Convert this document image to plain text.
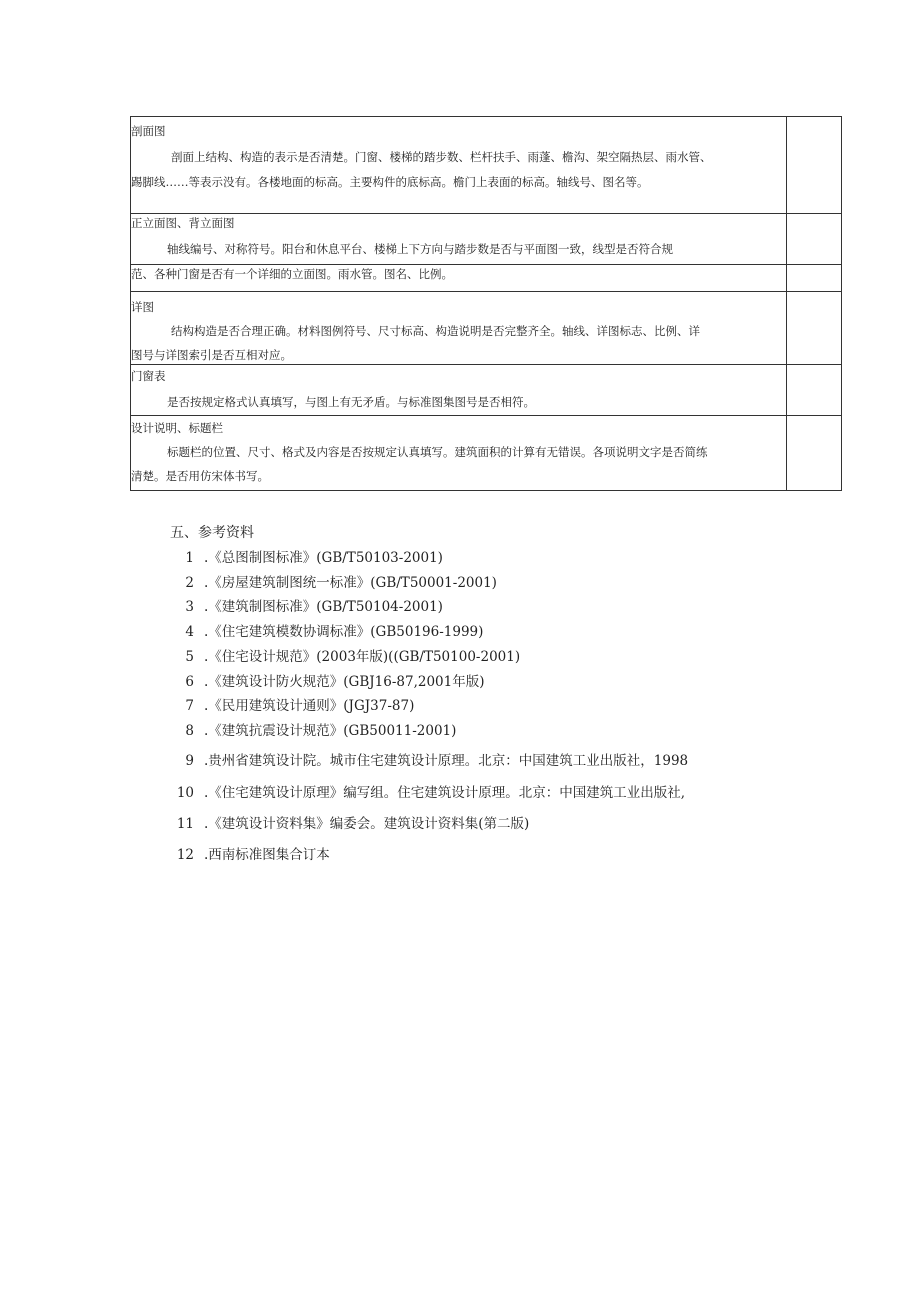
剖面图
剖面上结构、构造的表示是否清楚。门窗、楼梯的踏步数、栏杆扶手、雨蓬、檐沟、架空隔热层、雨水管、
踢脚线……等表示没有。各楼地面的标高。主要构件的底标高。檐门上表面的标高。轴线号、图名等。	

正立面图、背立面图
轴线编号、对称符号。阳台和休息平台、楼梯上下方向与踏步数是否与平面图一致，线型是否符合规	

范、各种门窗是否有一个详细的立面图。雨水管。图名、比例。	

详图
结构构造是否合理正确。材料图例符号、尺寸标高、构造说明是否完整齐全。轴线、详图标志、比例、详
图号与详图索引是否互相对应。	

门窗表
是否按规定格式认真填写，与图上有无矛盾。与标准图集图号是否相符。	

设计说明、标题栏
标题栏的位置、尺寸、格式及内容是否按规定认真填写。建筑面积的计算有无错误。各项说明文字是否简练
清楚。是否用仿宋体书写。	

五、参考资料
1 .《总图制图标准》(GB/T50103-2001)
2 .《房屋建筑制图统一标准》(GB/T50001-2001)
3 .《建筑制图标准》(GB/T50104-2001)
4 .《住宅建筑模数协调标准》(GB50196-1999)
5 .《住宅设计规范》(2003年版)((GB/T50100-2001)
6 .《建筑设计防火规范》(GBJ16-87,2001年版)
7 .《民用建筑设计通则》(JGJ37-87)
8 .《建筑抗震设计规范》(GB50011-2001)
9 .贵州省建筑设计院。城市住宅建筑设计原理。北京：中国建筑工业出版社，1998
10 .《住宅建筑设计原理》编写组。住宅建筑设计原理。北京：中国建筑工业出版社,
11 .《建筑设计资料集》编委会。建筑设计资料集(第二版)
12 .西南标准图集合订本
